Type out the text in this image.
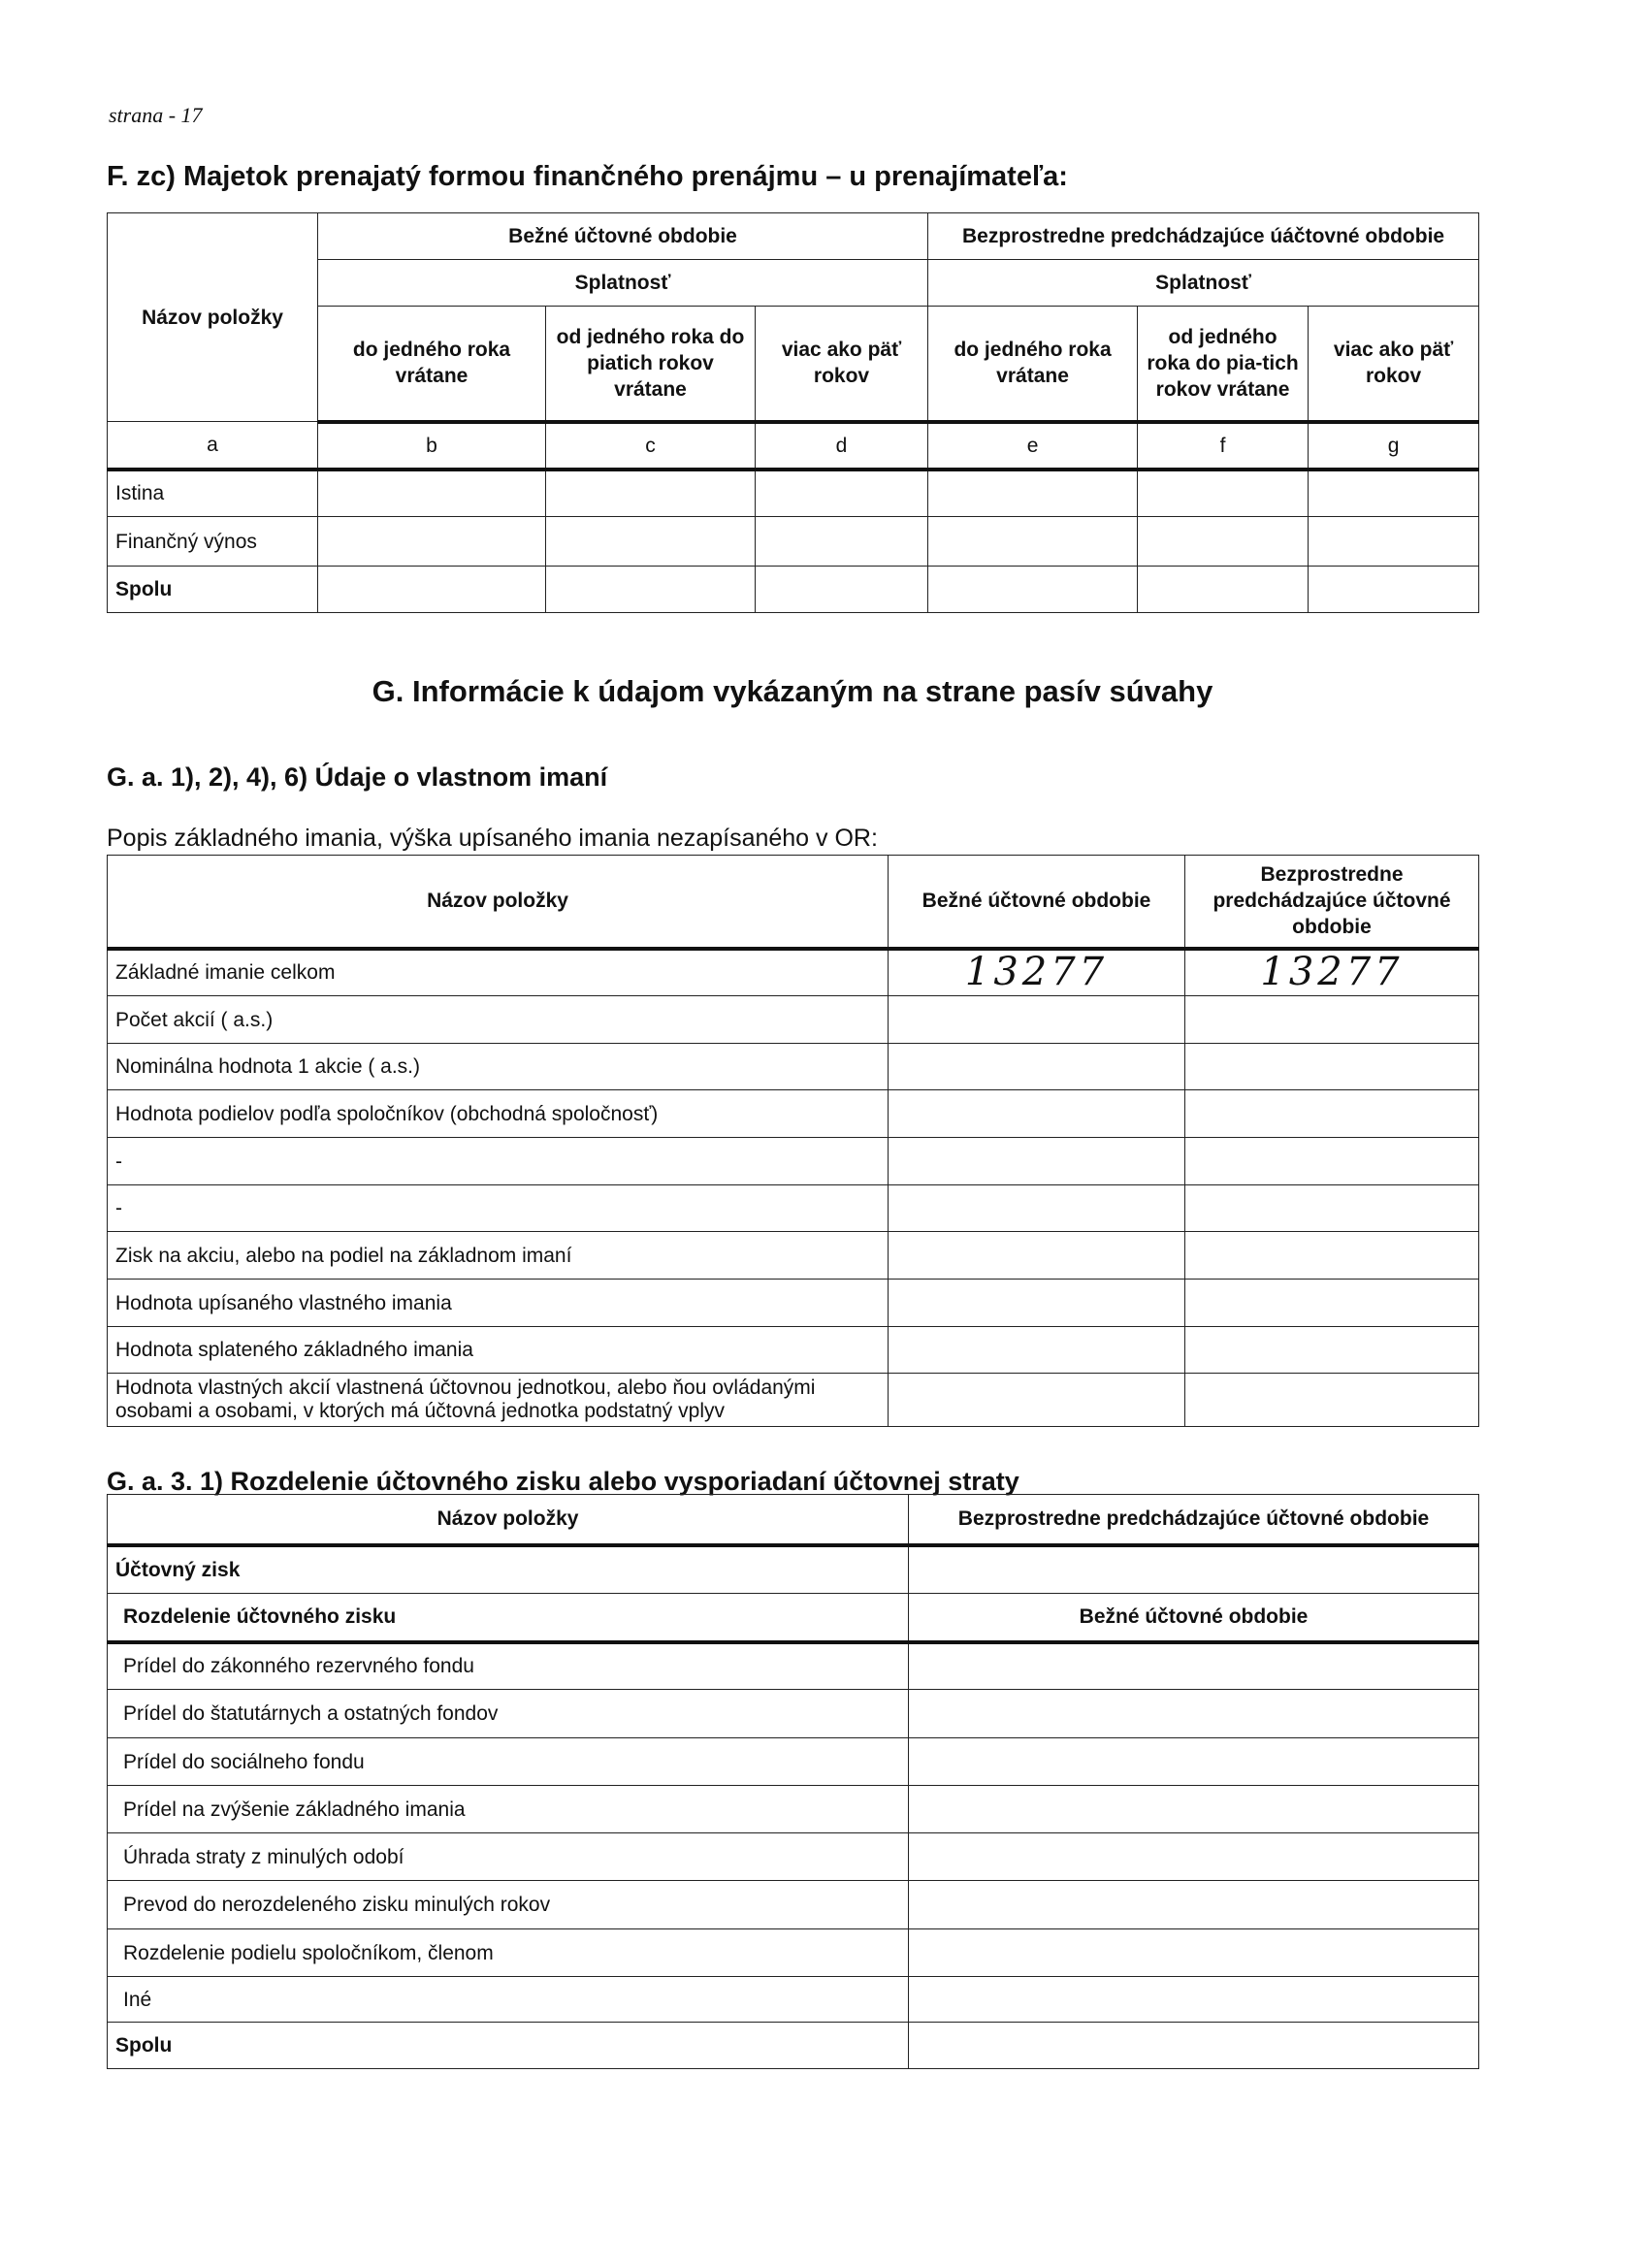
strana - 17
F. zc) Majetok prenajatý formou finančného prenájmu – u prenajímateľa:
Názov položky	Bežné účtovné obdobie			Bezprostredne predchádzajúce úáčtovné obdobie		
	Splatnosť			Splatnosť		
	do jedného roka vrátane	od jedného roka do piatich rokov vrátane	viac ako päť rokov	do jedného roka vrátane	od jedného roka do pia-tich rokov vrátane	viac ako päť rokov
a	b	c	d	e	f	g
Istina						
Finančný výnos						
Spolu						
G. Informácie k údajom vykázaným na strane pasív súvahy
G. a. 1), 2), 4), 6) Údaje o vlastnom imaní
Popis základného imania, výška upísaného imania nezapísaného v OR:
Názov položky	Bežné účtovné obdobie	Bezprostredne predchádzajúce účtovné obdobie
Základné imanie celkom	13277	13277
Počet akcií ( a.s.)		
Nominálna hodnota 1 akcie ( a.s.)		
Hodnota podielov podľa spoločníkov (obchodná spoločnosť)		
-		
-		
Zisk na akciu, alebo na podiel na základnom imaní		
Hodnota upísaného vlastného imania		
Hodnota splateného základného imania		
Hodnota vlastných akcií vlastnená účtovnou jednotkou, alebo ňou ovládanými osobami a osobami, v ktorých má účtovná jednotka podstatný vplyv		
G. a. 3. 1) Rozdelenie účtovného zisku alebo vysporiadaní účtovnej straty
Názov položky	Bezprostredne predchádzajúce účtovné obdobie
Účtovný zisk	
Rozdelenie účtovného zisku	Bežné účtovné obdobie
Prídel do zákonného rezervného fondu	
Prídel do štatutárnych a ostatných fondov	
Prídel do sociálneho fondu	
Prídel na zvýšenie základného imania	
Úhrada straty z minulých odobí	
Prevod do nerozdeleného zisku minulých rokov	
Rozdelenie podielu spoločníkom, členom	
Iné	
Spolu	
